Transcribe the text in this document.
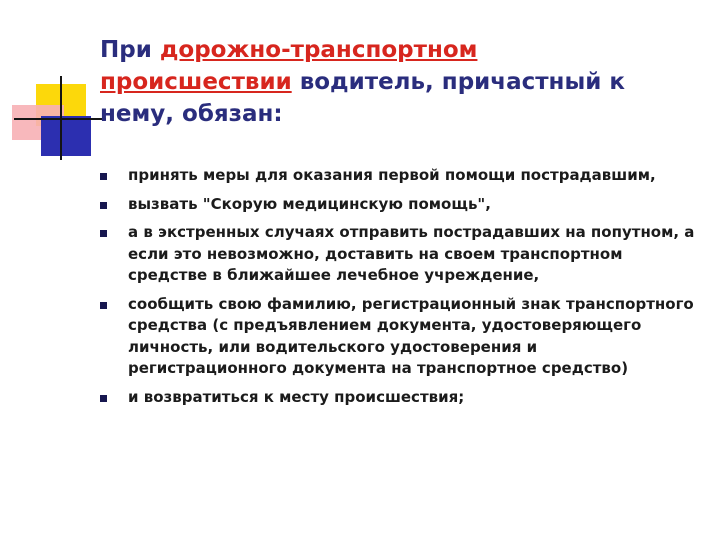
При дорожно-транспортном
происшествии водитель, причастный к нему, обязан:
принять меры для оказания первой помощи пострадавшим,
вызвать "Скорую медицинскую помощь",
а в экстренных случаях отправить пострадавших на попутном, а если это невозможно, доставить на своем транспортном средстве в ближайшее лечебное учреждение,
сообщить свою фамилию, регистрационный знак транспортного средства (с предъявлением документа, удостоверяющего личность, или водительского удостоверения и регистрационного документа на транспортное средство)
и возвратиться к месту происшествия;
